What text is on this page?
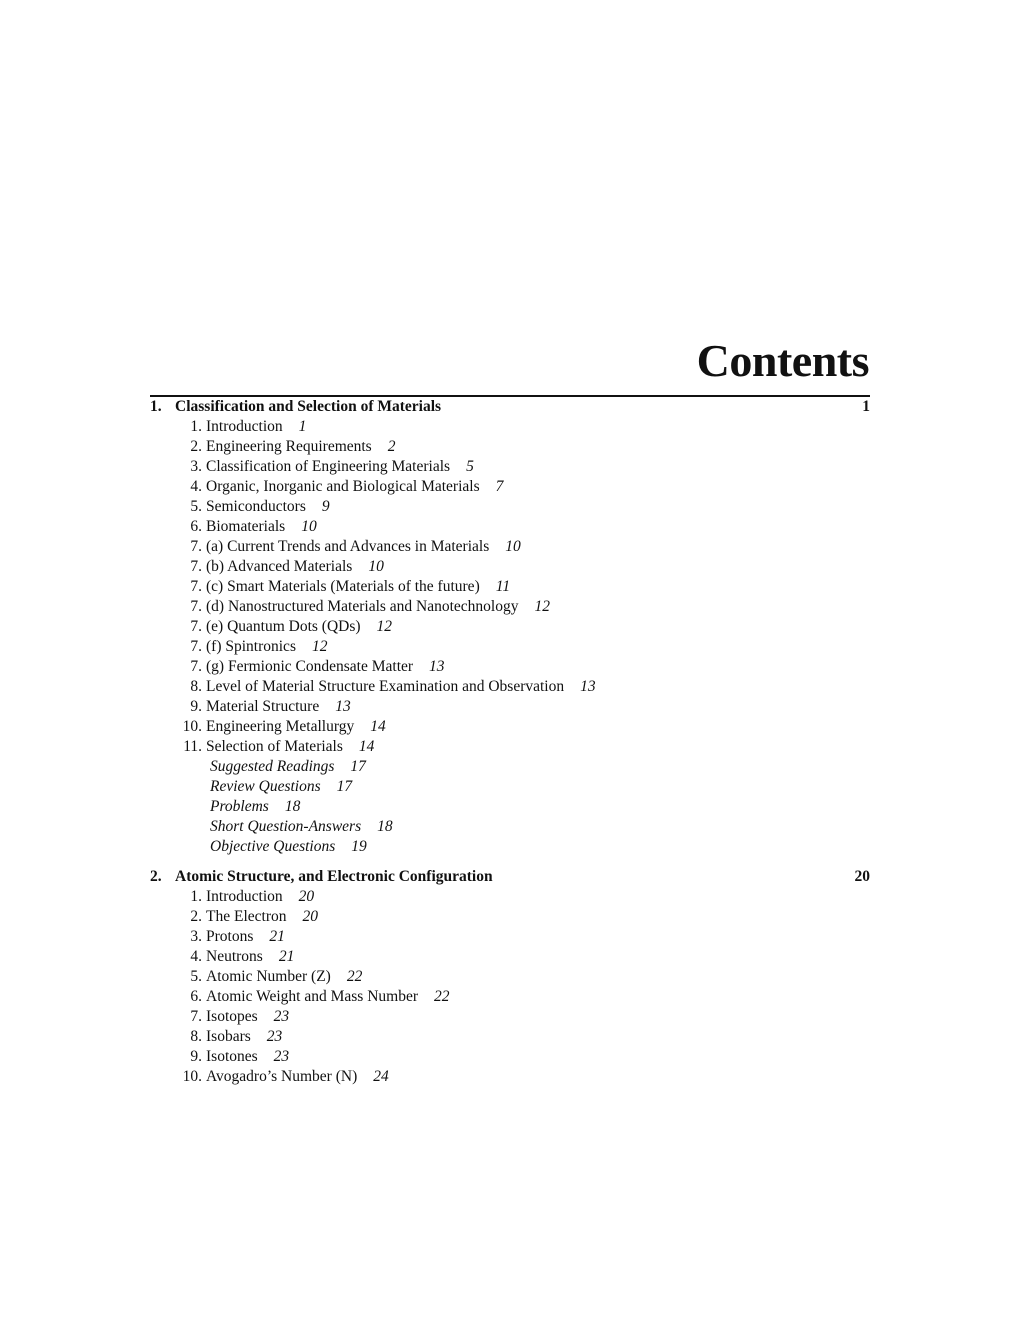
Contents
1. Classification and Selection of Materials	1
1. Introduction 1
2. Engineering Requirements 2
3. Classification of Engineering Materials 5
4. Organic, Inorganic and Biological Materials 7
5. Semiconductors 9
6. Biomaterials 10
7. (a) Current Trends and Advances in Materials 10
7. (b) Advanced Materials 10
7. (c) Smart Materials (Materials of the future) 11
7. (d) Nanostructured Materials and Nanotechnology 12
7. (e) Quantum Dots (QDs) 12
7. (f) Spintronics 12
7. (g) Fermionic Condensate Matter 13
8. Level of Material Structure Examination and Observation 13
9. Material Structure 13
10. Engineering Metallurgy 14
11. Selection of Materials 14
Suggested Readings 17
Review Questions 17
Problems 18
Short Question-Answers 18
Objective Questions 19
2. Atomic Structure, and Electronic Configuration	20
1. Introduction 20
2. The Electron 20
3. Protons 21
4. Neutrons 21
5. Atomic Number (Z) 22
6. Atomic Weight and Mass Number 22
7. Isotopes 23
8. Isobars 23
9. Isotones 23
10. Avogadro’s Number (N) 24
